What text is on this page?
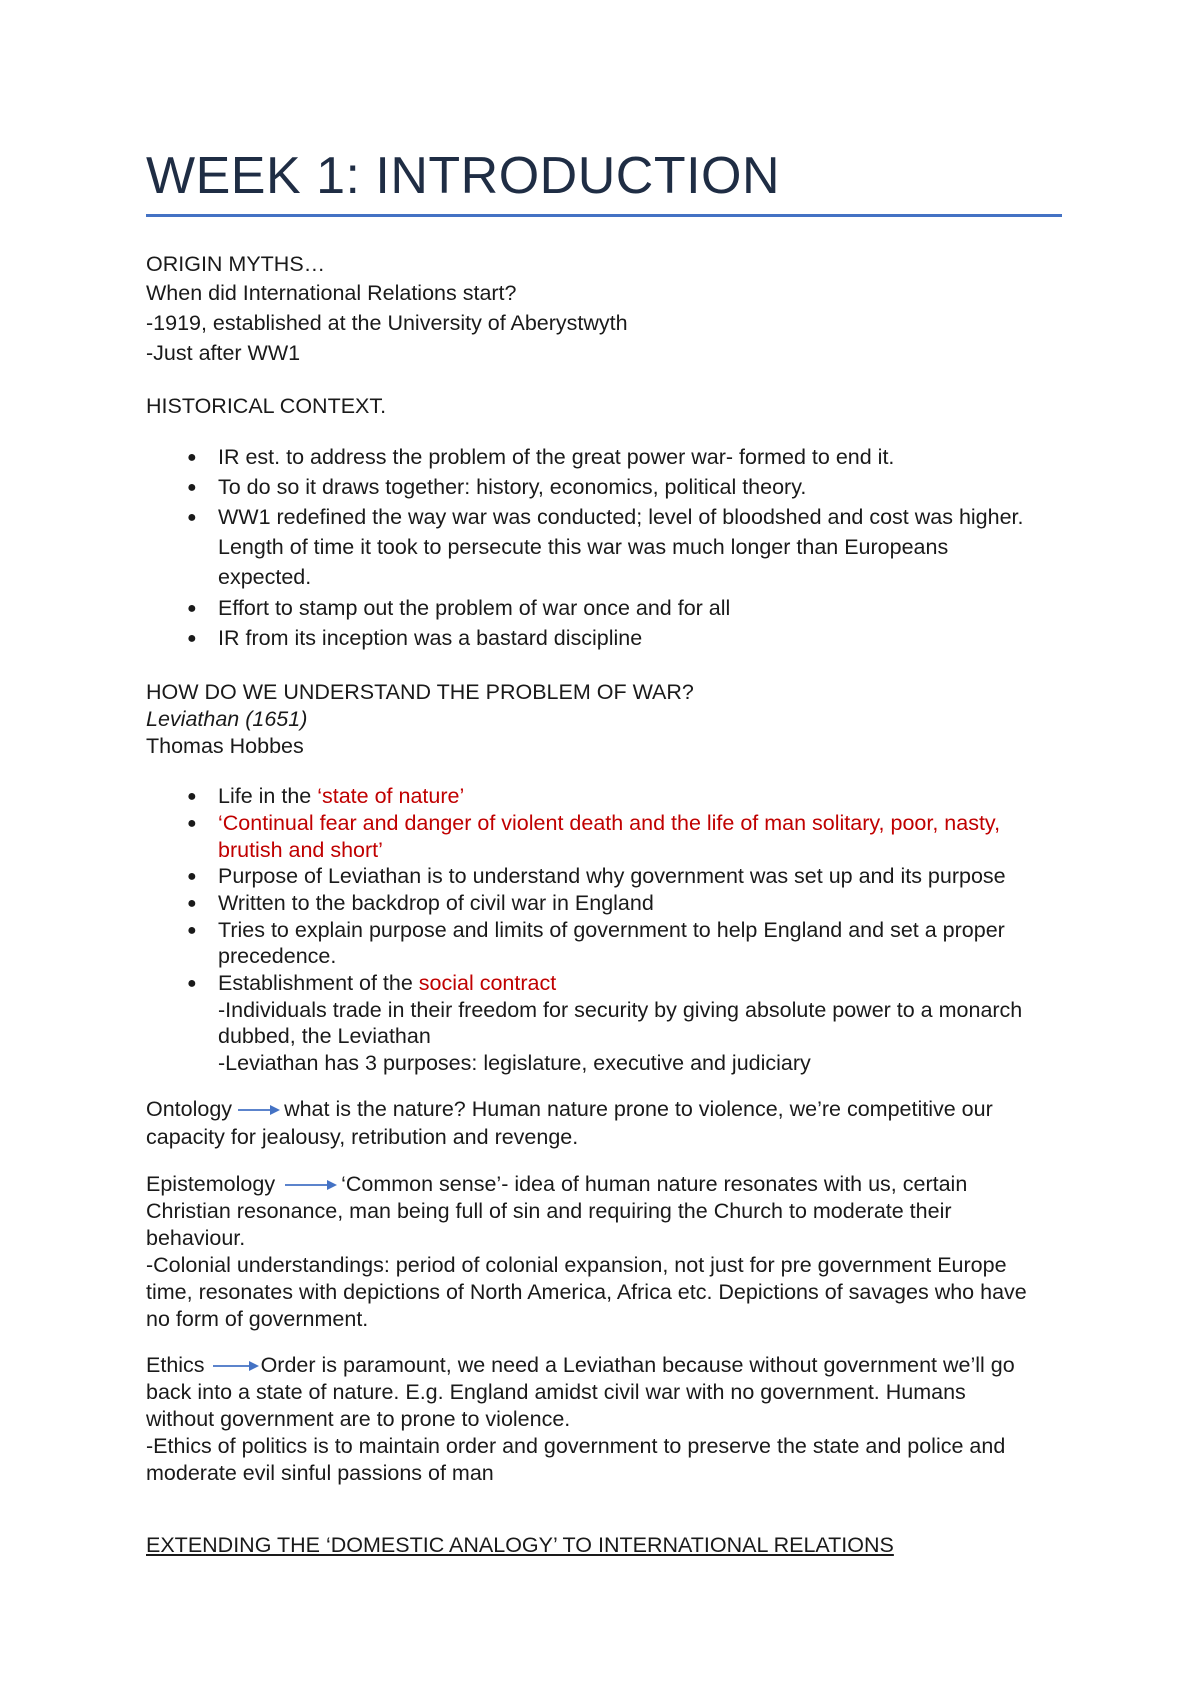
WEEK 1: INTRODUCTION
ORIGIN MYTHS…
When did International Relations start?
-1919, established at the University of Aberystwyth
-Just after WW1
HISTORICAL CONTEXT.
● IR est. to address the problem of the great power war- formed to end it.
● To do so it draws together: history, economics, political theory.
● WW1 redefined the way war was conducted; level of bloodshed and cost was higher.
Length of time it took to persecute this war was much longer than Europeans
expected.
● Effort to stamp out the problem of war once and for all
● IR from its inception was a bastard discipline
HOW DO WE UNDERSTAND THE PROBLEM OF WAR?
Leviathan (1651)
Thomas Hobbes
● Life in the ‘state of nature’
● ‘Continual fear and danger of violent death and the life of man solitary, poor, nasty,
brutish and short’
● Purpose of Leviathan is to understand why government was set up and its purpose
● Written to the backdrop of civil war in England
● Tries to explain purpose and limits of government to help England and set a proper
precedence.
● Establishment of the social contract
-Individuals trade in their freedom for security by giving absolute power to a monarch
dubbed, the Leviathan
-Leviathan has 3 purposes: legislature, executive and judiciary
Ontology what is the nature? Human nature prone to violence, we’re competitive our
capacity for jealousy, retribution and revenge.
Epistemology	‘Common sense’- idea of human nature resonates with us, certain
Christian resonance, man being full of sin and requiring the Church to moderate their
behaviour.
-Colonial understandings: period of colonial expansion, not just for pre government Europe
time, resonates with depictions of North America, Africa etc. Depictions of savages who have
no form of government.
Ethics	Order is paramount, we need a Leviathan because without government we’ll go
back into a state of nature. E.g. England amidst civil war with no government. Humans
without government are to prone to violence.
-Ethics of politics is to maintain order and government to preserve the state and police and
moderate evil sinful passions of man
EXTENDING THE ‘DOMESTIC ANALOGY’ TO INTERNATIONAL RELATIONS
